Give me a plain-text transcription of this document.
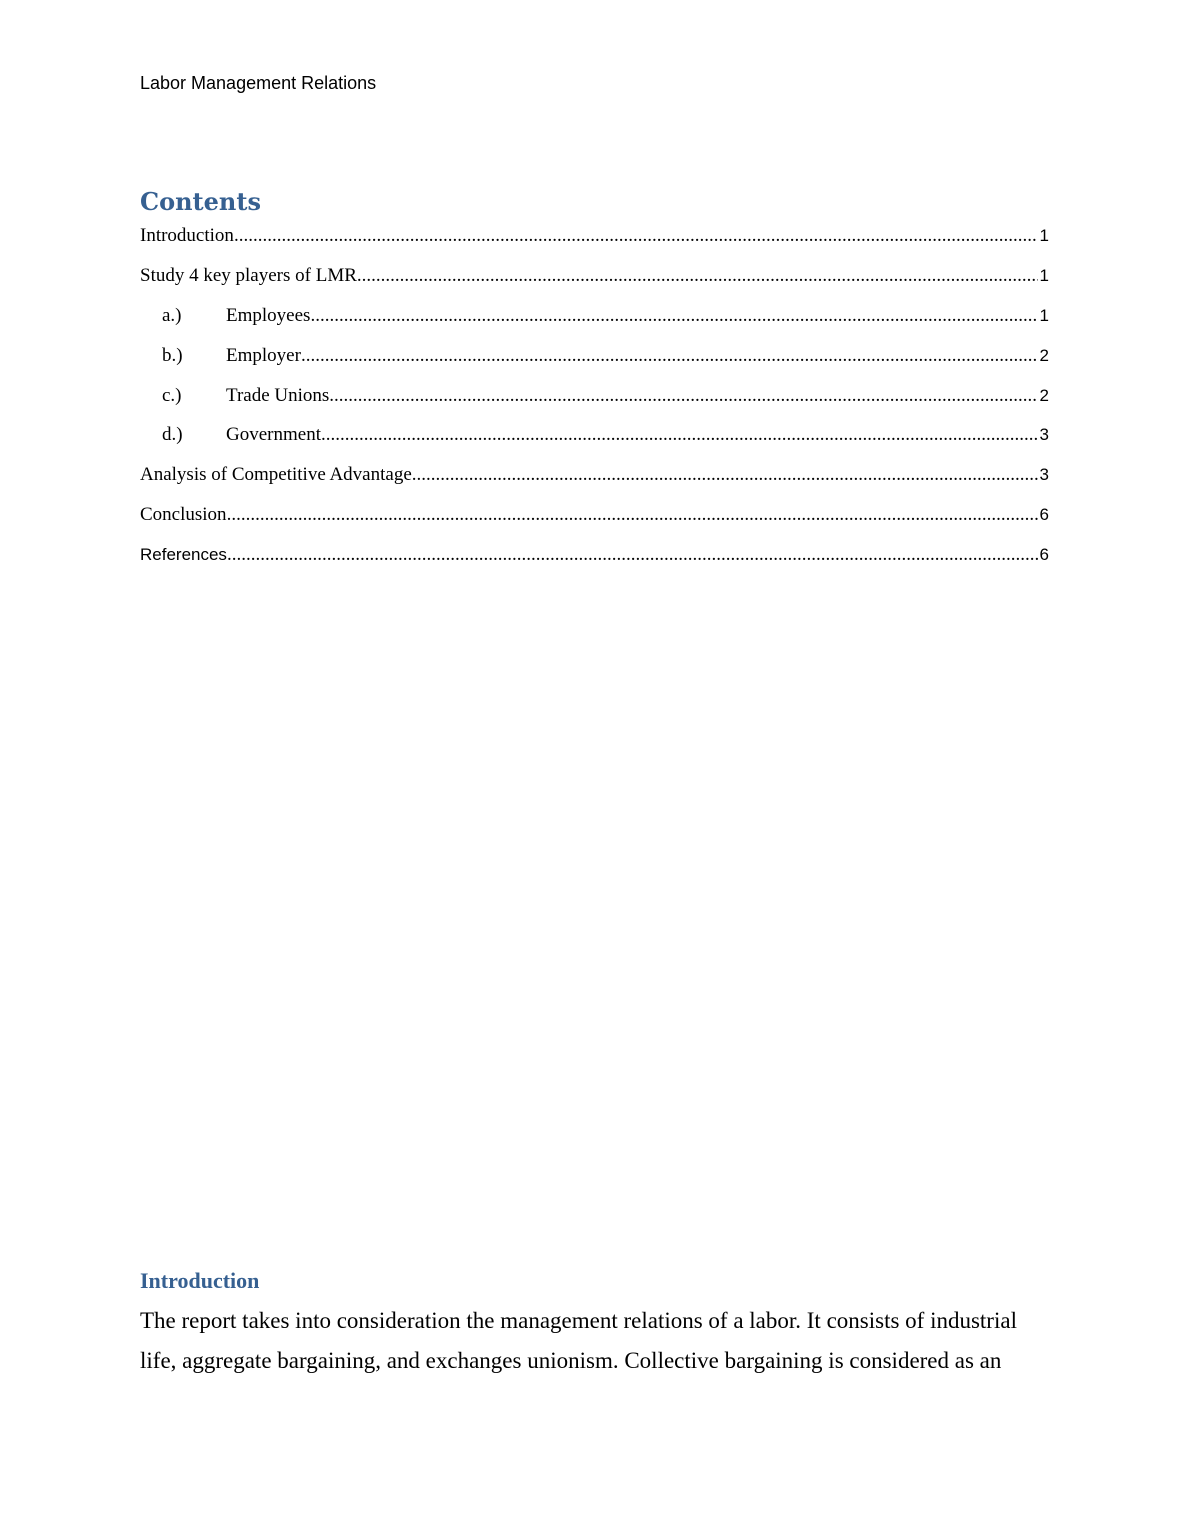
Labor Management Relations
Contents
Introduction .....	1
Study 4 key players of LMR .....	1
a.)	Employees .....	1
b.)	Employer .....	2
c.)	Trade Unions .....	2
d.)	Government .....	3
Analysis of Competitive Advantage .....	3
Conclusion .....	6
References .....	6
Introduction
The report takes into consideration the management relations of a labor. It consists of industrial
life, aggregate bargaining, and exchanges unionism. Collective bargaining is considered as an
